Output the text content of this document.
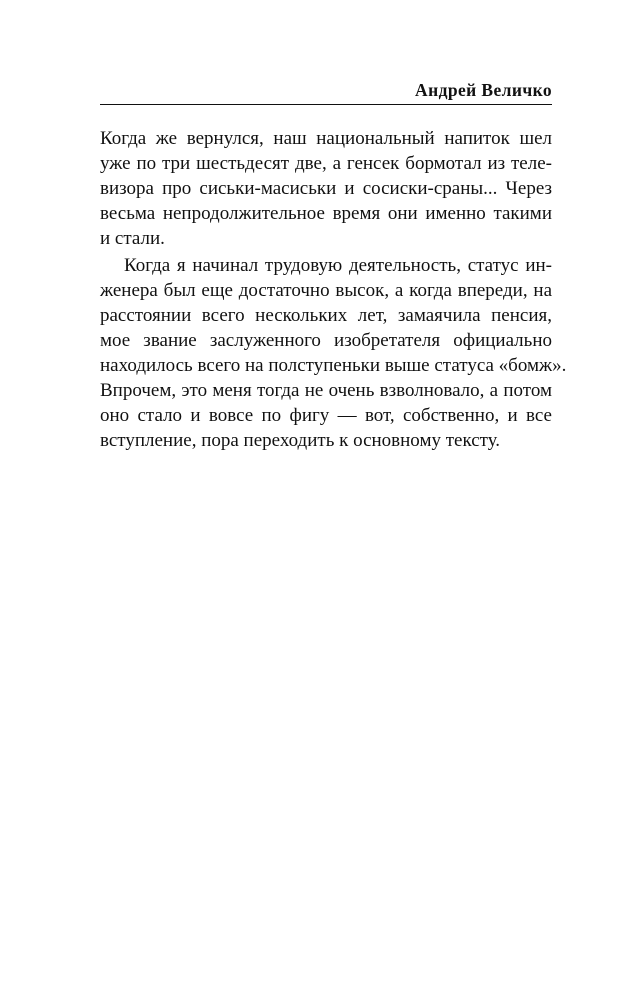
Андрей Величко
Когда же вернулся, наш национальный напиток шел
уже по три шестьдесят две, а генсек бормотал из теле-
визора про сиськи-масиськи и сосиски-сраны... Через
весьма непродолжительное время они именно такими
и стали.
Когда я начинал трудовую деятельность, статус ин-
женера был еще достаточно высок, а когда впереди, на
расстоянии всего нескольких лет, замаячила пенсия,
мое звание заслуженного изобретателя официально
находилось всего на полступеньки выше статуса «бомж».
Впрочем, это меня тогда не очень взволновало, а потом
оно стало и вовсе по фигу — вот, собственно, и все
вступление, пора переходить к основному тексту.
